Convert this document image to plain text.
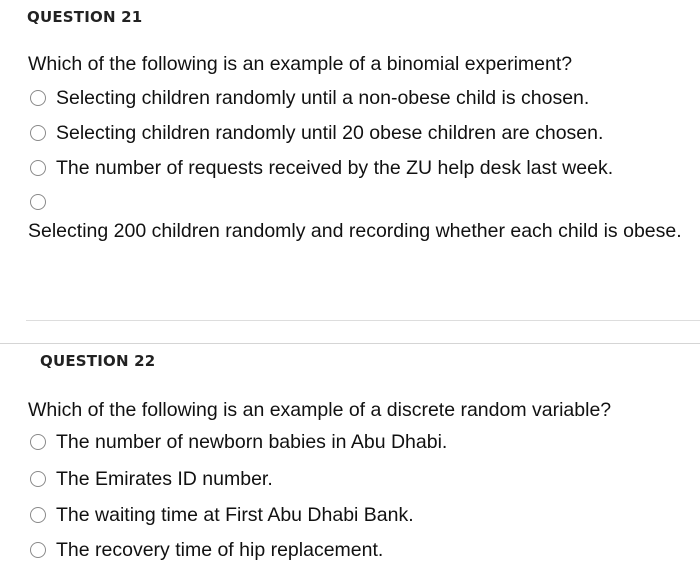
QUESTION 21
Which of the following is an example of a binomial experiment?
Selecting children randomly until a non-obese child is chosen.
Selecting children randomly until 20 obese children are chosen.
The number of requests received by the ZU help desk last week.
Selecting 200 children randomly and recording whether each child is obese.
QUESTION 22
Which of the following is an example of a discrete random variable?
The number of newborn babies in Abu Dhabi.
The Emirates ID number.
The waiting time at First Abu Dhabi Bank.
The recovery time of hip replacement.
